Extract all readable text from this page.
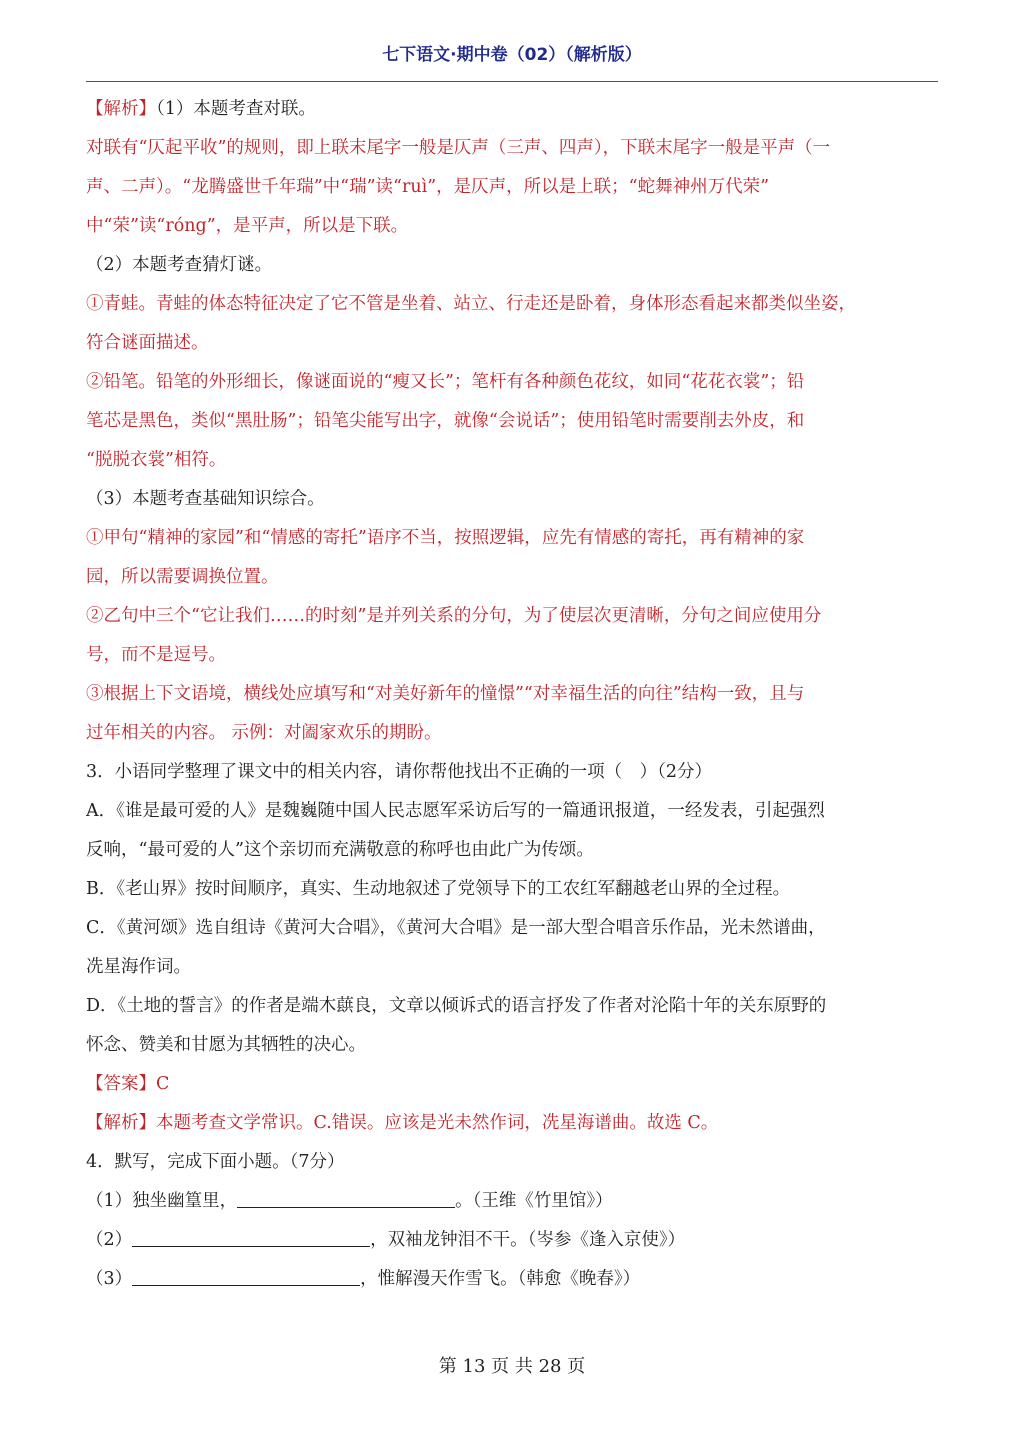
七下语文·期中卷（02）（解析版）
【解析】（1）本题考查对联。
对联有“仄起平收”的规则，即上联末尾字一般是仄声（三声、四声），下联末尾字一般是平声（一
声、二声）。“龙腾盛世千年瑞”中“瑞”读“ruì”，是仄声，所以是上联；“蛇舞神州万代荣”
中“荣”读“róng”，是平声，所以是下联。
（2）本题考查猜灯谜。
①青蛙。青蛙的体态特征决定了它不管是坐着、站立、行走还是卧着，身体形态看起来都类似坐姿，
符合谜面描述。
②铅笔。铅笔的外形细长，像谜面说的“瘦又长”；笔杆有各种颜色花纹，如同“花花衣裳”；铅
笔芯是黑色，类似“黑肚肠”；铅笔尖能写出字，就像“会说话”；使用铅笔时需要削去外皮，和
“脱脱衣裳”相符。
（3）本题考查基础知识综合。
①甲句“精神的家园”和“情感的寄托”语序不当，按照逻辑，应先有情感的寄托，再有精神的家
园，所以需要调换位置。
②乙句中三个“它让我们……的时刻”是并列关系的分句，为了使层次更清晰，分句之间应使用分
号，而不是逗号。
③根据上下文语境，横线处应填写和“对美好新年的憧憬”“对幸福生活的向往”结构一致，且与
过年相关的内容。 示例：对阖家欢乐的期盼。
3．小语同学整理了课文中的相关内容，请你帮他找出不正确的一项（　）（2分）
A．《谁是最可爱的人》是魏巍随中国人民志愿军采访后写的一篇通讯报道，一经发表，引起强烈
反响，“最可爱的人”这个亲切而充满敬意的称呼也由此广为传颂。
B．《老山界》按时间顺序，真实、生动地叙述了党领导下的工农红军翻越老山界的全过程。
C．《黄河颂》选自组诗《黄河大合唱》，《黄河大合唱》是一部大型合唱音乐作品，光未然谱曲，
冼星海作词。
D．《土地的誓言》的作者是端木蕻良，文章以倾诉式的语言抒发了作者对沦陷十年的关东原野的
怀念、赞美和甘愿为其牺牲的决心。
【答案】C
【解析】本题考查文学常识。C.错误。应该是光未然作词，冼星海谱曲。故选 C。
4．默写，完成下面小题。（7分）
（1）独坐幽篁里，	。（王维《竹里馆》）
（2）	，双袖龙钟泪不干。（岑参《逢入京使》）
（3）	，惟解漫天作雪飞。（韩愈《晚春》）
第 13 页 共 28 页
